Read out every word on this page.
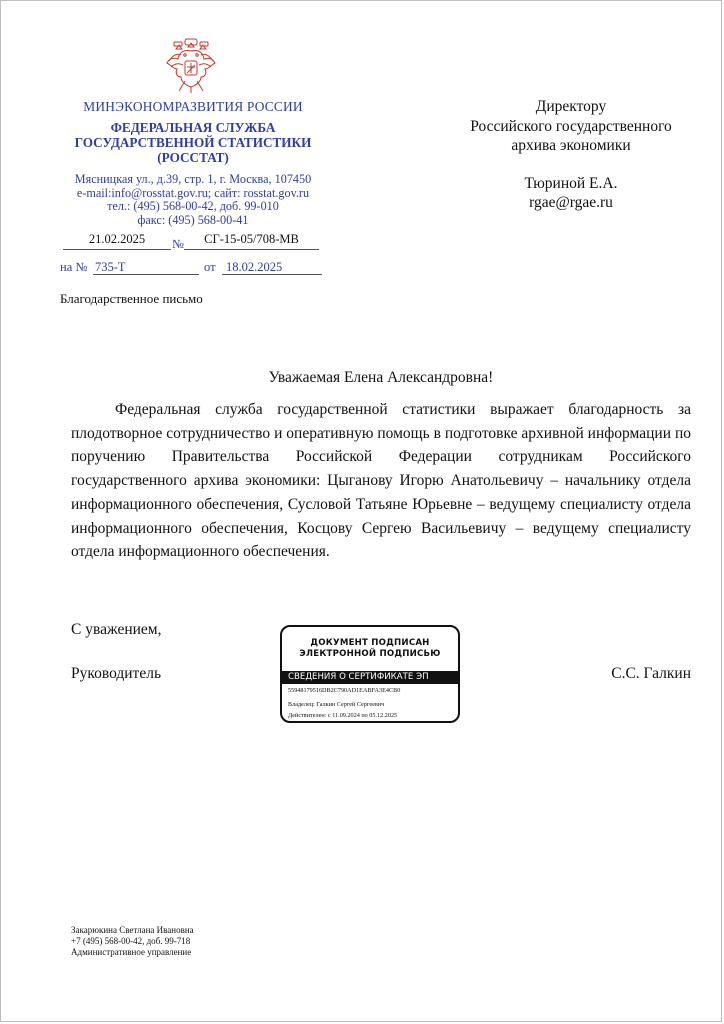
МИНЭКОНОМРАЗВИТИЯ РОССИИ
ФЕДЕРАЛЬНАЯ СЛУЖБА
ГОСУДАРСТВЕННОЙ СТАТИСТИКИ
(РОССТАТ)
Мясницкая ул., д.39, стр. 1, г. Москва, 107450
e-mail:info@rosstat.gov.ru; сайт: rosstat.gov.ru
тел.: (495) 568-00-42, доб. 99-010
факс: (495) 568-00-41
21.02.2025	№	СГ-15-05/708-МВ
на № 735-Т	от 18.02.2025
Благодарственное письмо
Директору
Российского государственного
архива экономики
Тюриной Е.А.
rgae@rgae.ru
Уважаемая Елена Александровна!
Федеральная служба государственной статистики выражает благодарность за плодотворное сотрудничество и оперативную помощь в подготовке архивной информации по поручению Правительства Российской Федерации сотрудникам Российского государственного архива экономики: Цыганову Игорю Анатольевичу – начальнику отдела информационного обеспечения, Сусловой Татьяне Юрьевне – ведущему специалисту отдела информационного обеспечения, Косцову Сергею Васильевичу – ведущему специалисту отдела информационного обеспечения.
С уважением,
Руководитель	С.С. Галкин
ДОКУМЕНТ ПОДПИСАН
ЭЛЕКТРОННОЙ ПОДПИСЬЮ
СВЕДЕНИЯ О СЕРТИФИКАТЕ ЭП
55948179516DB2C790AD1EABFA3E4CB0
Владелец: Галкин Сергей Сергеевич
Действителен: с 11.09.2024 по 05.12.2025
Закарюкина Светлана Ивановна
+7 (495) 568-00-42, доб. 99-718
Административное управление
